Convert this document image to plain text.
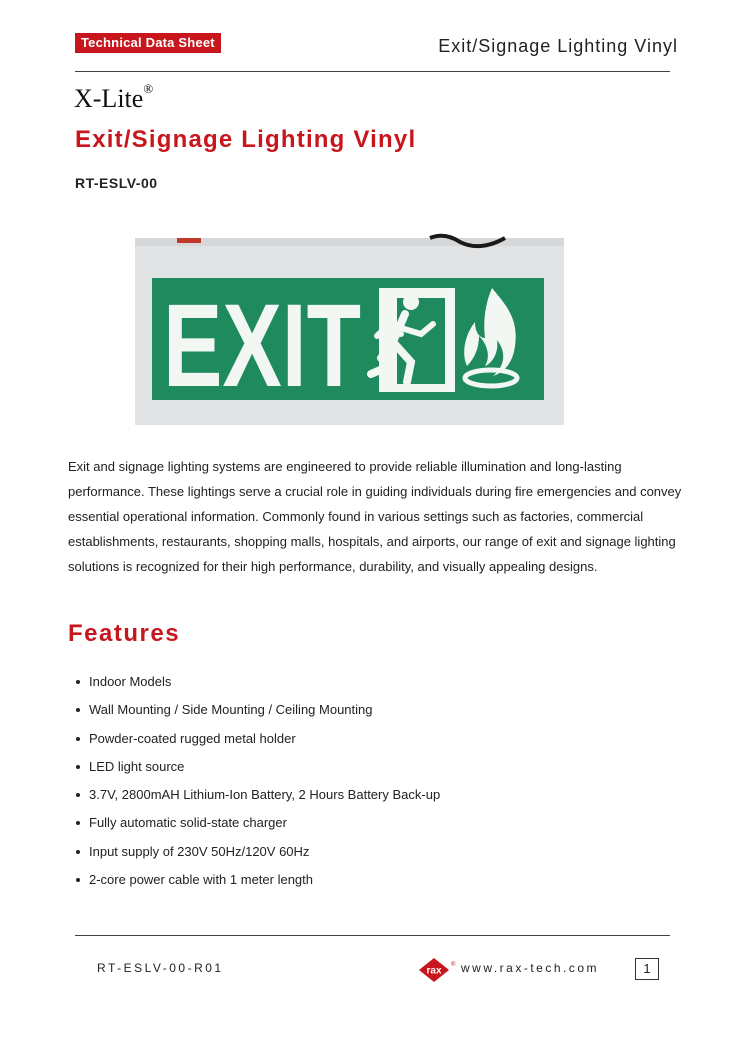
Technical Data Sheet	Exit/Signage Lighting Vinyl
X-Lite®
Exit/Signage Lighting Vinyl
RT-ESLV-00
EXIT
Exit and signage lighting systems are engineered to provide reliable illumination and long-lasting performance. These lightings serve a crucial role in guiding individuals during fire emergencies and convey essential operational information. Commonly found in various settings such as factories, commercial establishments, restaurants, shopping malls, hospitals, and airports, our range of exit and signage lighting solutions is recognized for their high performance, durability, and visually appealing designs.
Features
Indoor Models
Wall Mounting / Side Mounting / Ceiling Mounting
Powder-coated rugged metal holder
LED light source
3.7V, 2800mAH Lithium-Ion Battery, 2 Hours Battery Back-up
Fully automatic solid-state charger
Input supply of 230V 50Hz/120V 60Hz
2-core power cable with 1 meter length
RT-ESLV-00-R01	rax
® www.rax-tech.com	1
